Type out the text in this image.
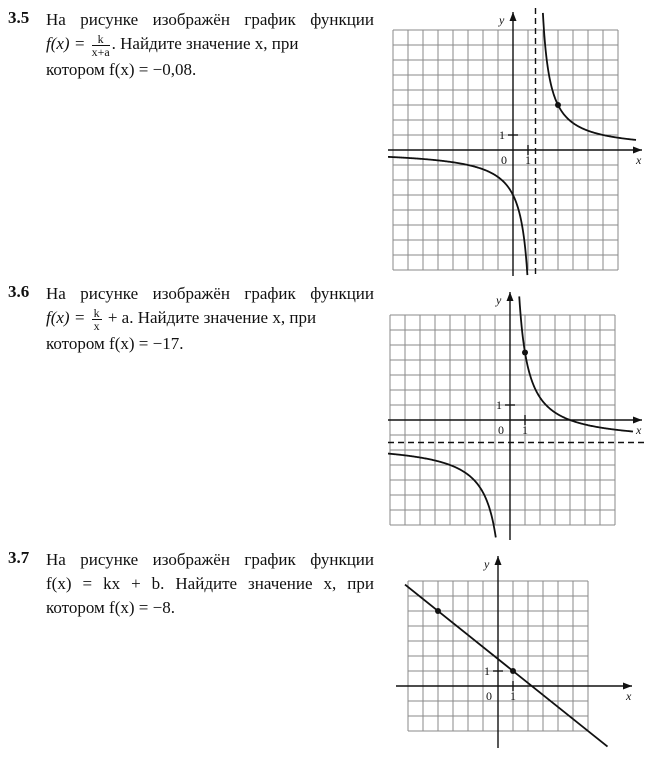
3.5 На рисунке изображён график функции
$f(x) = \frac{k}{x+a}$ . Найдите значение x, при
котором f(x) = −0,08.
3.6 На рисунке изображён график функции
$f(x) = \frac{k}{x} + a$. Найдите значение x, при
котором f(x) = −17.
3.7 На рисунке изображён график функции
f(x) = kx + b. Найдите значение x, при
котором f(x) = −8.
x
y
0 1
1
x
y
0 1
1
x
y
0 1
1
